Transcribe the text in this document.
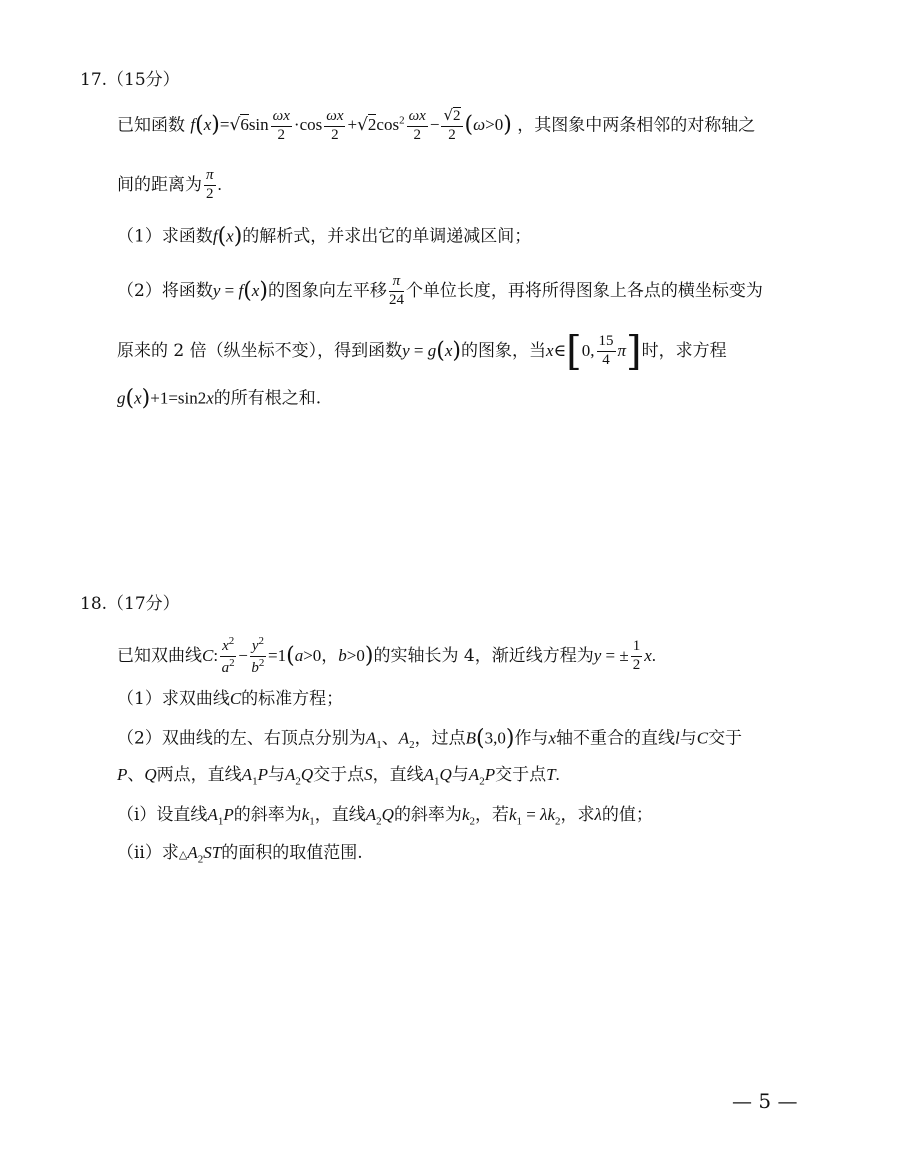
17.（15分）
已知函数 $f(x)=√6\sin \frac{\omega x}{2} \cdot\cos \frac{\omega x}{2} +√2\cos^2 \frac{\omega x}{2} - \frac{√2}{2} (\omega>0)$ ，其图象中两条相邻的对称轴之
间的距离为 $\frac{\pi}{2}$ .
（1）求函数f(x)的解析式，并求出它的单调递减区间；
（2）将函数y = f(x)的图象向左平移 $\frac{\pi}{24}$ 个单位长度，再将所得图象上各点的横坐标变为
原来的 2 倍（纵坐标不变），得到函数y = g(x)的图象，当x∈[0, $\frac{15}{4} \pi$]时，求方程
g(x)+1=sin2x的所有根之和.
18.（17分）
已知双曲线C: $\frac{x^2}{a^2} - \frac{y^2}{b^2} =1(a>0$，b>0)的实轴长为 4，渐近线方程为y = ± $\frac{1}{2} x$.
（1）求双曲线C的标准方程；
（2）双曲线的左、右顶点分别为$A_1$、$A_2$，过点B(3,0)作与x轴不重合的直线l与C交于
P、Q两点，直线$A_1P$与$A_2Q$交于点S，直线$A_1Q$与$A_2P$交于点T.
（i）设直线$A_1P$的斜率为$k_1$，直线$A_2Q$的斜率为$k_2$，若$k_1 = \lambda k_2$，求λ的值；
（ii）求$\triangle A_2ST$的面积的取值范围.
— 5 —
